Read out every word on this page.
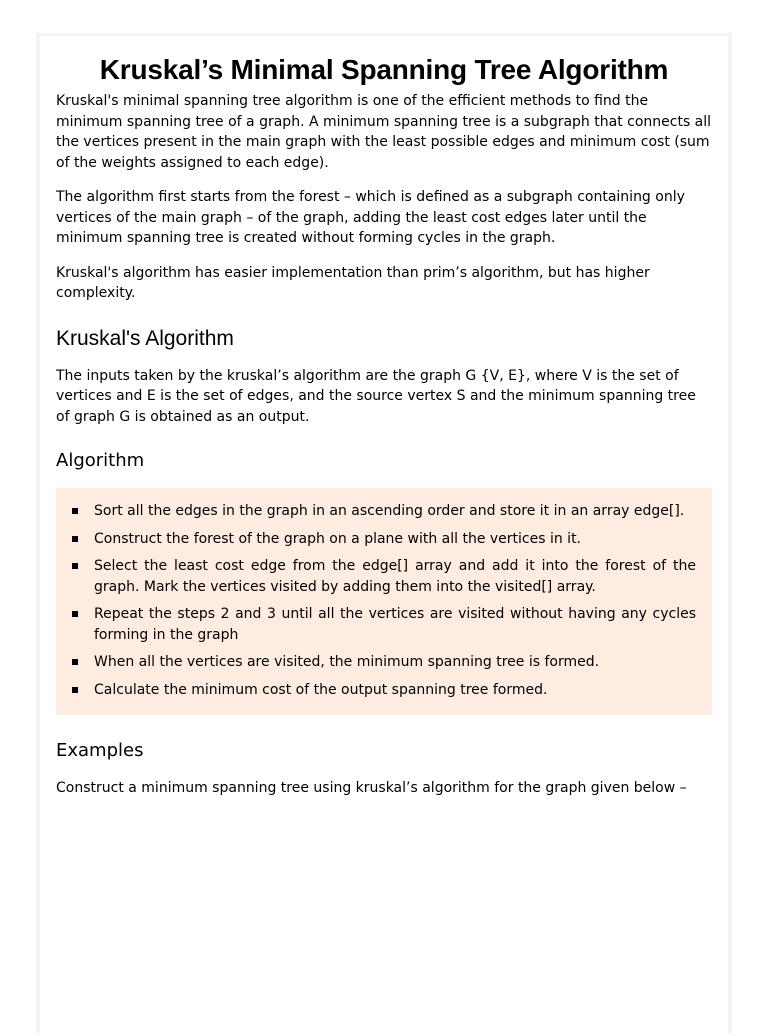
Kruskal’s Minimal Spanning Tree Algorithm

Kruskal's minimal spanning tree algorithm is one of the efficient methods to find the minimum spanning tree of a graph. A minimum spanning tree is a subgraph that connects all the vertices present in the main graph with the least possible edges and minimum cost (sum of the weights assigned to each edge).

The algorithm first starts from the forest – which is defined as a subgraph containing only vertices of the main graph – of the graph, adding the least cost edges later until the minimum spanning tree is created without forming cycles in the graph.

Kruskal's algorithm has easier implementation than prim’s algorithm, but has higher complexity.

Kruskal's Algorithm

The inputs taken by the kruskal’s algorithm are the graph G {V, E}, where V is the set of vertices and E is the set of edges, and the source vertex S and the minimum spanning tree of graph G is obtained as an output.

Algorithm
Sort all the edges in the graph in an ascending order and store it in an array edge[].
Construct the forest of the graph on a plane with all the vertices in it.
Select the least cost edge from the edge[] array and add it into the forest of the graph. Mark the vertices visited by adding them into the visited[] array.
Repeat the steps 2 and 3 until all the vertices are visited without having any cycles forming in the graph
When all the vertices are visited, the minimum spanning tree is formed.
Calculate the minimum cost of the output spanning tree formed.
Examples

Construct a minimum spanning tree using kruskal’s algorithm for the graph given below –
